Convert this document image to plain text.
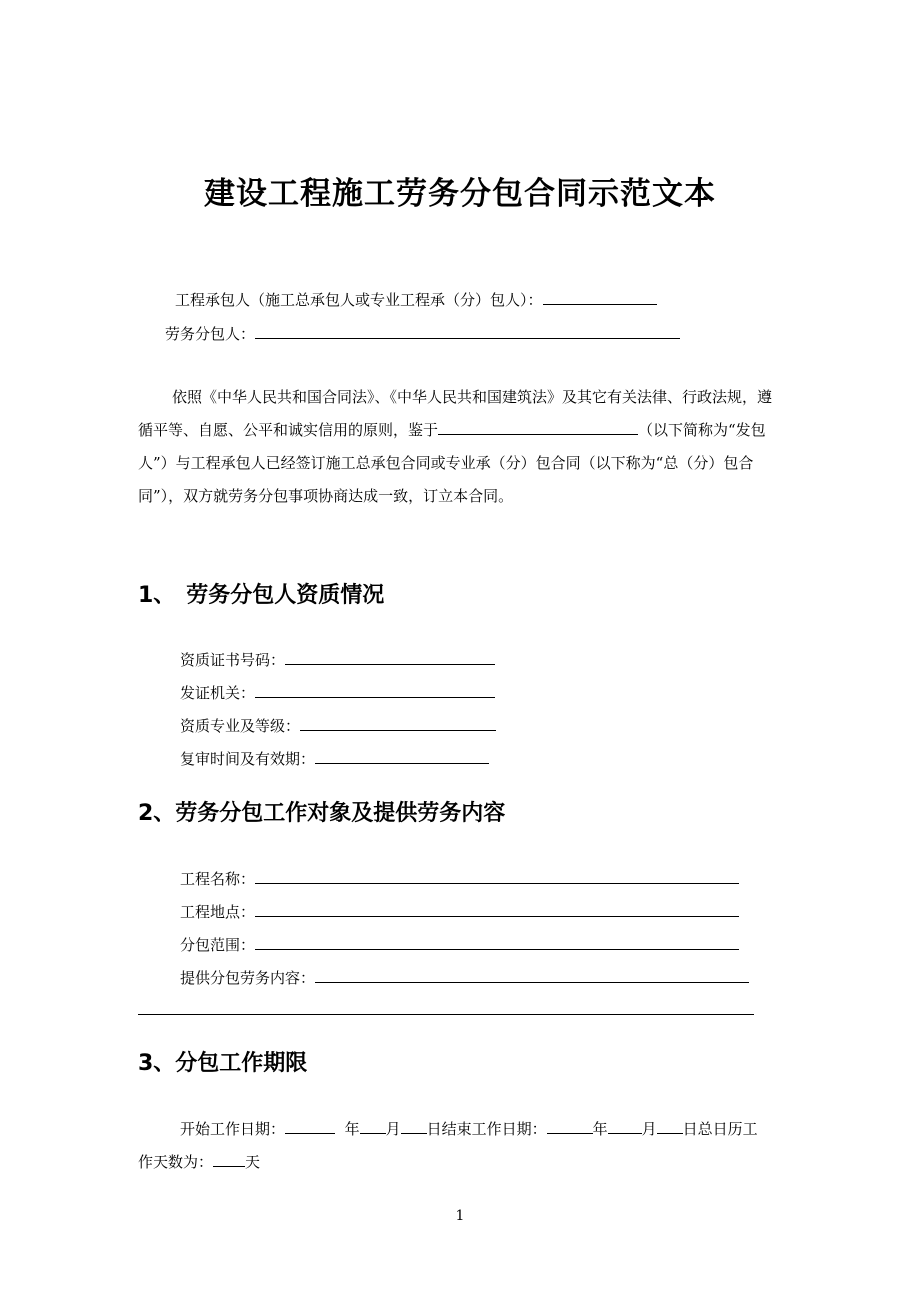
建设工程施工劳务分包合同示范文本
工程承包人（施工总承包人或专业工程承（分）包人）：
劳务分包人：
依照《中华人民共和国合同法》、《中华人民共和国建筑法》及其它有关法律、行政法规，遵循平等、自愿、公平和诚实信用的原则，鉴于	（以下简称为“发包人”）与工程承包人已经签订施工总承包合同或专业承（分）包合同（以下称为“总（分）包合同”），双方就劳务分包事项协商达成一致，订立本合同。
1、　劳务分包人资质情况
资质证书号码：
发证机关：
资质专业及等级：
复审时间及有效期：
2、劳务分包工作对象及提供劳务内容
工程名称：
工程地点：
分包范围：
提供分包劳务内容：
3、分包工作期限
开始工作日期：	年 月 日结束工作日期：	年 月 日总日历工
作天数为： 天
1
